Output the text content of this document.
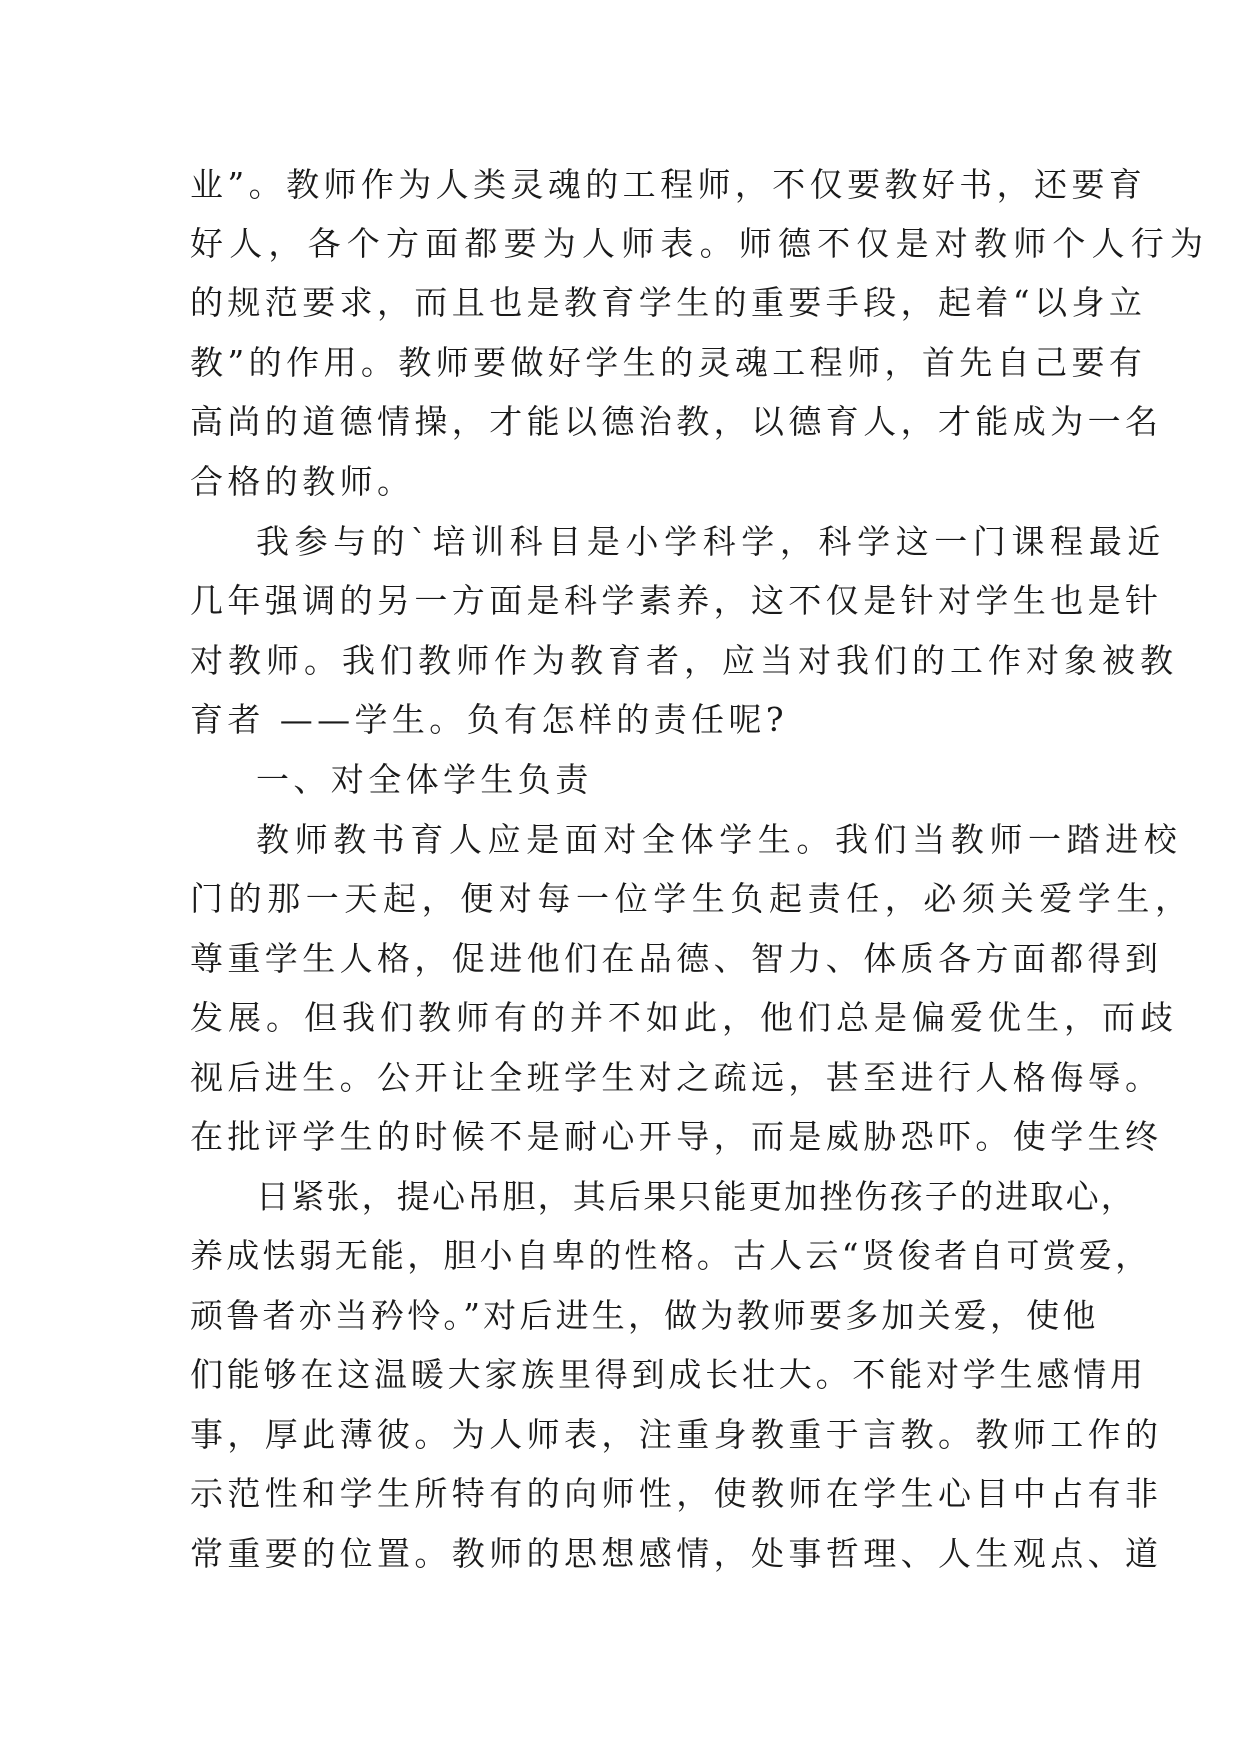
业”。教师作为人类灵魂的工程师，不仅要教好书，还要育
好人，各个方面都要为人师表。师德不仅是对教师个人行为
的规范要求，而且也是教育学生的重要手段，起着“以身立
教”的作用。教师要做好学生的灵魂工程师，首先自己要有
高尚的道德情操，才能以德治教，以德育人，才能成为一名
合格的教师。
我参与的`培训科目是小学科学，科学这一门课程最近
几年强调的另一方面是科学素养，这不仅是针对学生也是针
对教师。我们教师作为教育者，应当对我们的工作对象被教
育者 ——学生。负有怎样的责任呢?
一、对全体学生负责
教师教书育人应是面对全体学生。我们当教师一踏进校
门的那一天起，便对每一位学生负起责任，必须关爱学生，
尊重学生人格，促进他们在品德、智力、体质各方面都得到
发展。但我们教师有的并不如此，他们总是偏爱优生，而歧
视后进生。公开让全班学生对之疏远，甚至进行人格侮辱。
在批评学生的时候不是耐心开导，而是威胁恐吓。使学生终
日紧张，提心吊胆，其后果只能更加挫伤孩子的进取心，
养成怯弱无能，胆小自卑的性格。古人云“贤俊者自可赏爱，
顽鲁者亦当矜怜。”对后进生，做为教师要多加关爱，使他
们能够在这温暖大家族里得到成长壮大。不能对学生感情用
事，厚此薄彼。为人师表，注重身教重于言教。教师工作的
示范性和学生所特有的向师性，使教师在学生心目中占有非
常重要的位置。教师的思想感情，处事哲理、人生观点、道
